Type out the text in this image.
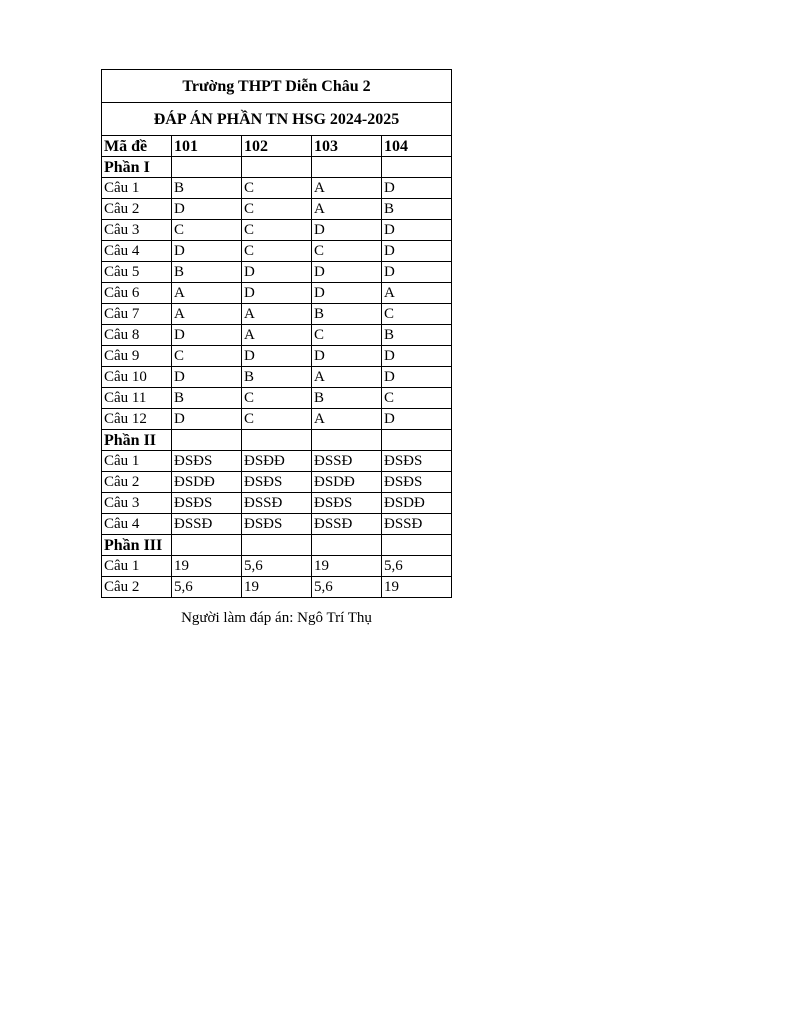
Trường THPT Diễn Châu 2				
ĐÁP ÁN PHẦN TN HSG 2024-2025				
Mã đề	101	102	103	104
Phần I				
Câu 1	B	C	A	D
Câu 2	D	C	A	B
Câu 3	C	C	D	D
Câu 4	D	C	C	D
Câu 5	B	D	D	D
Câu 6	A	D	D	A
Câu 7	A	A	B	C
Câu 8	D	A	C	B
Câu 9	C	D	D	D
Câu 10	D	B	A	D
Câu 11	B	C	B	C
Câu 12	D	C	A	D
Phần II				
Câu 1	ĐSĐS	ĐSĐĐ	ĐSSĐ	ĐSĐS
Câu 2	ĐSDĐ	ĐSĐS	ĐSDĐ	ĐSĐS
Câu 3	ĐSĐS	ĐSSĐ	ĐSĐS	ĐSDĐ
Câu 4	ĐSSĐ	ĐSĐS	ĐSSĐ	ĐSSĐ
Phần III				
Câu 1	19	5,6	19	5,6
Câu 2	5,6	19	5,6	19
Người làm đáp án: Ngô Trí Thụ
